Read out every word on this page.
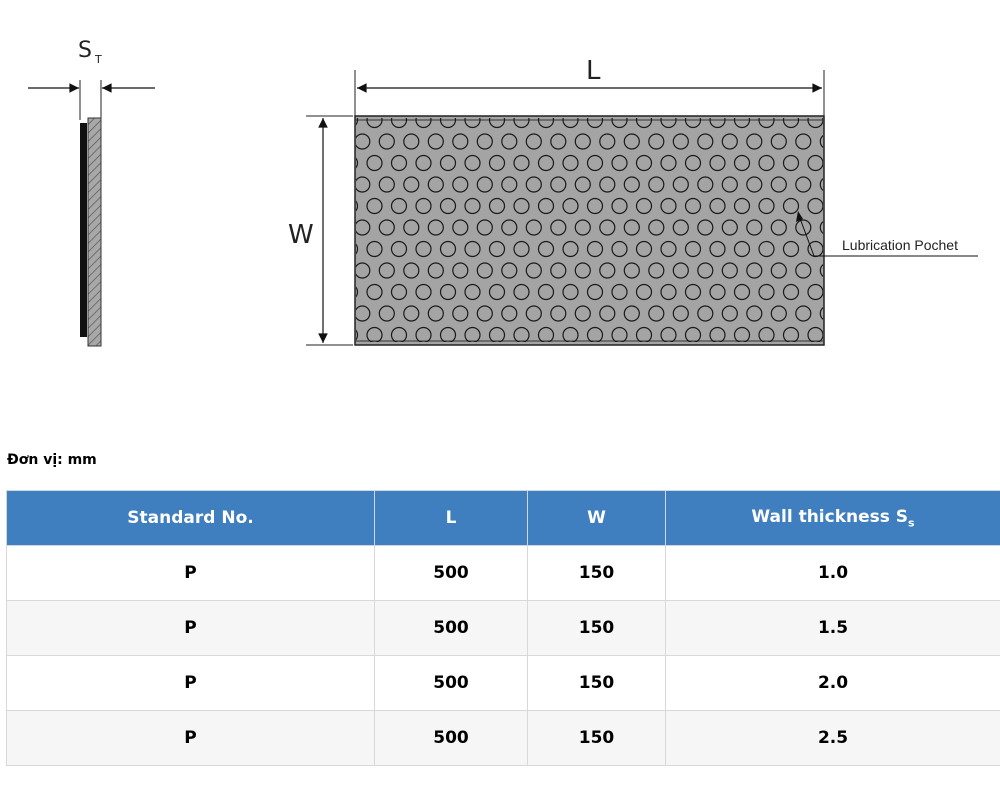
S T	L
W	Lubrication Pochet
Đơn vị: mm
Standard No.	L	W	Wall thickness $S_s$
P	500	150	1.0
P	500	150	1.5
P	500	150	2.0
P	500	150	2.5
